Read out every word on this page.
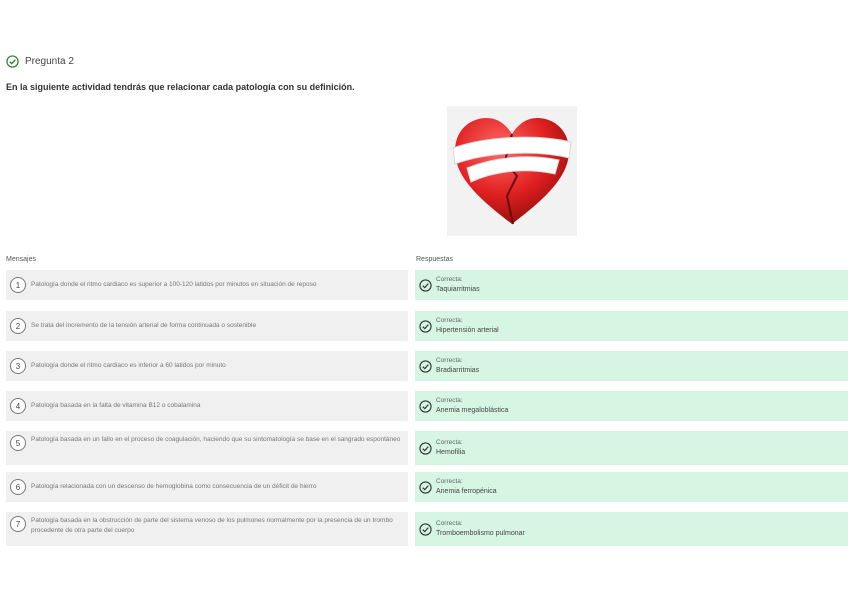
Pregunta 2
En la siguiente actividad tendrás que relacionar cada patología con su definición.
Mensajes	Respuestas
1	Patología donde el ritmo cardiaco es superior a 100-120 latidos por minutos en situación de reposo
Correcta:
Taquiarritmias
2	Se trata del incremento de la tensión arterial de forma continuada o sostenible
Correcta:
Hipertensión arterial
3	Patología donde el ritmo cardiaco es inferior a 60 latidos por minuto
Correcta:
Bradiarritmias
4	Patología basada en la falta de vitamina B12 o cobalamina
Correcta:
Anemia megaloblástica
5	Patología basada en un fallo en el proceso de coagulación, haciendo que su sintomatología se base en el sangrado espontáneo	Correcta:
Hemofilia
6	Patología relacionada con un descenso de hemoglobina como consecuencia de un déficit de hierro
Correcta:
Anemia ferropénica
7	Patología basada en la obstrucción de parte del sistema venoso de los pulmones normalmente por la presencia de un trombo procedente de otra parte del cuerpo
Correcta:
Tromboembolismo pulmonar
